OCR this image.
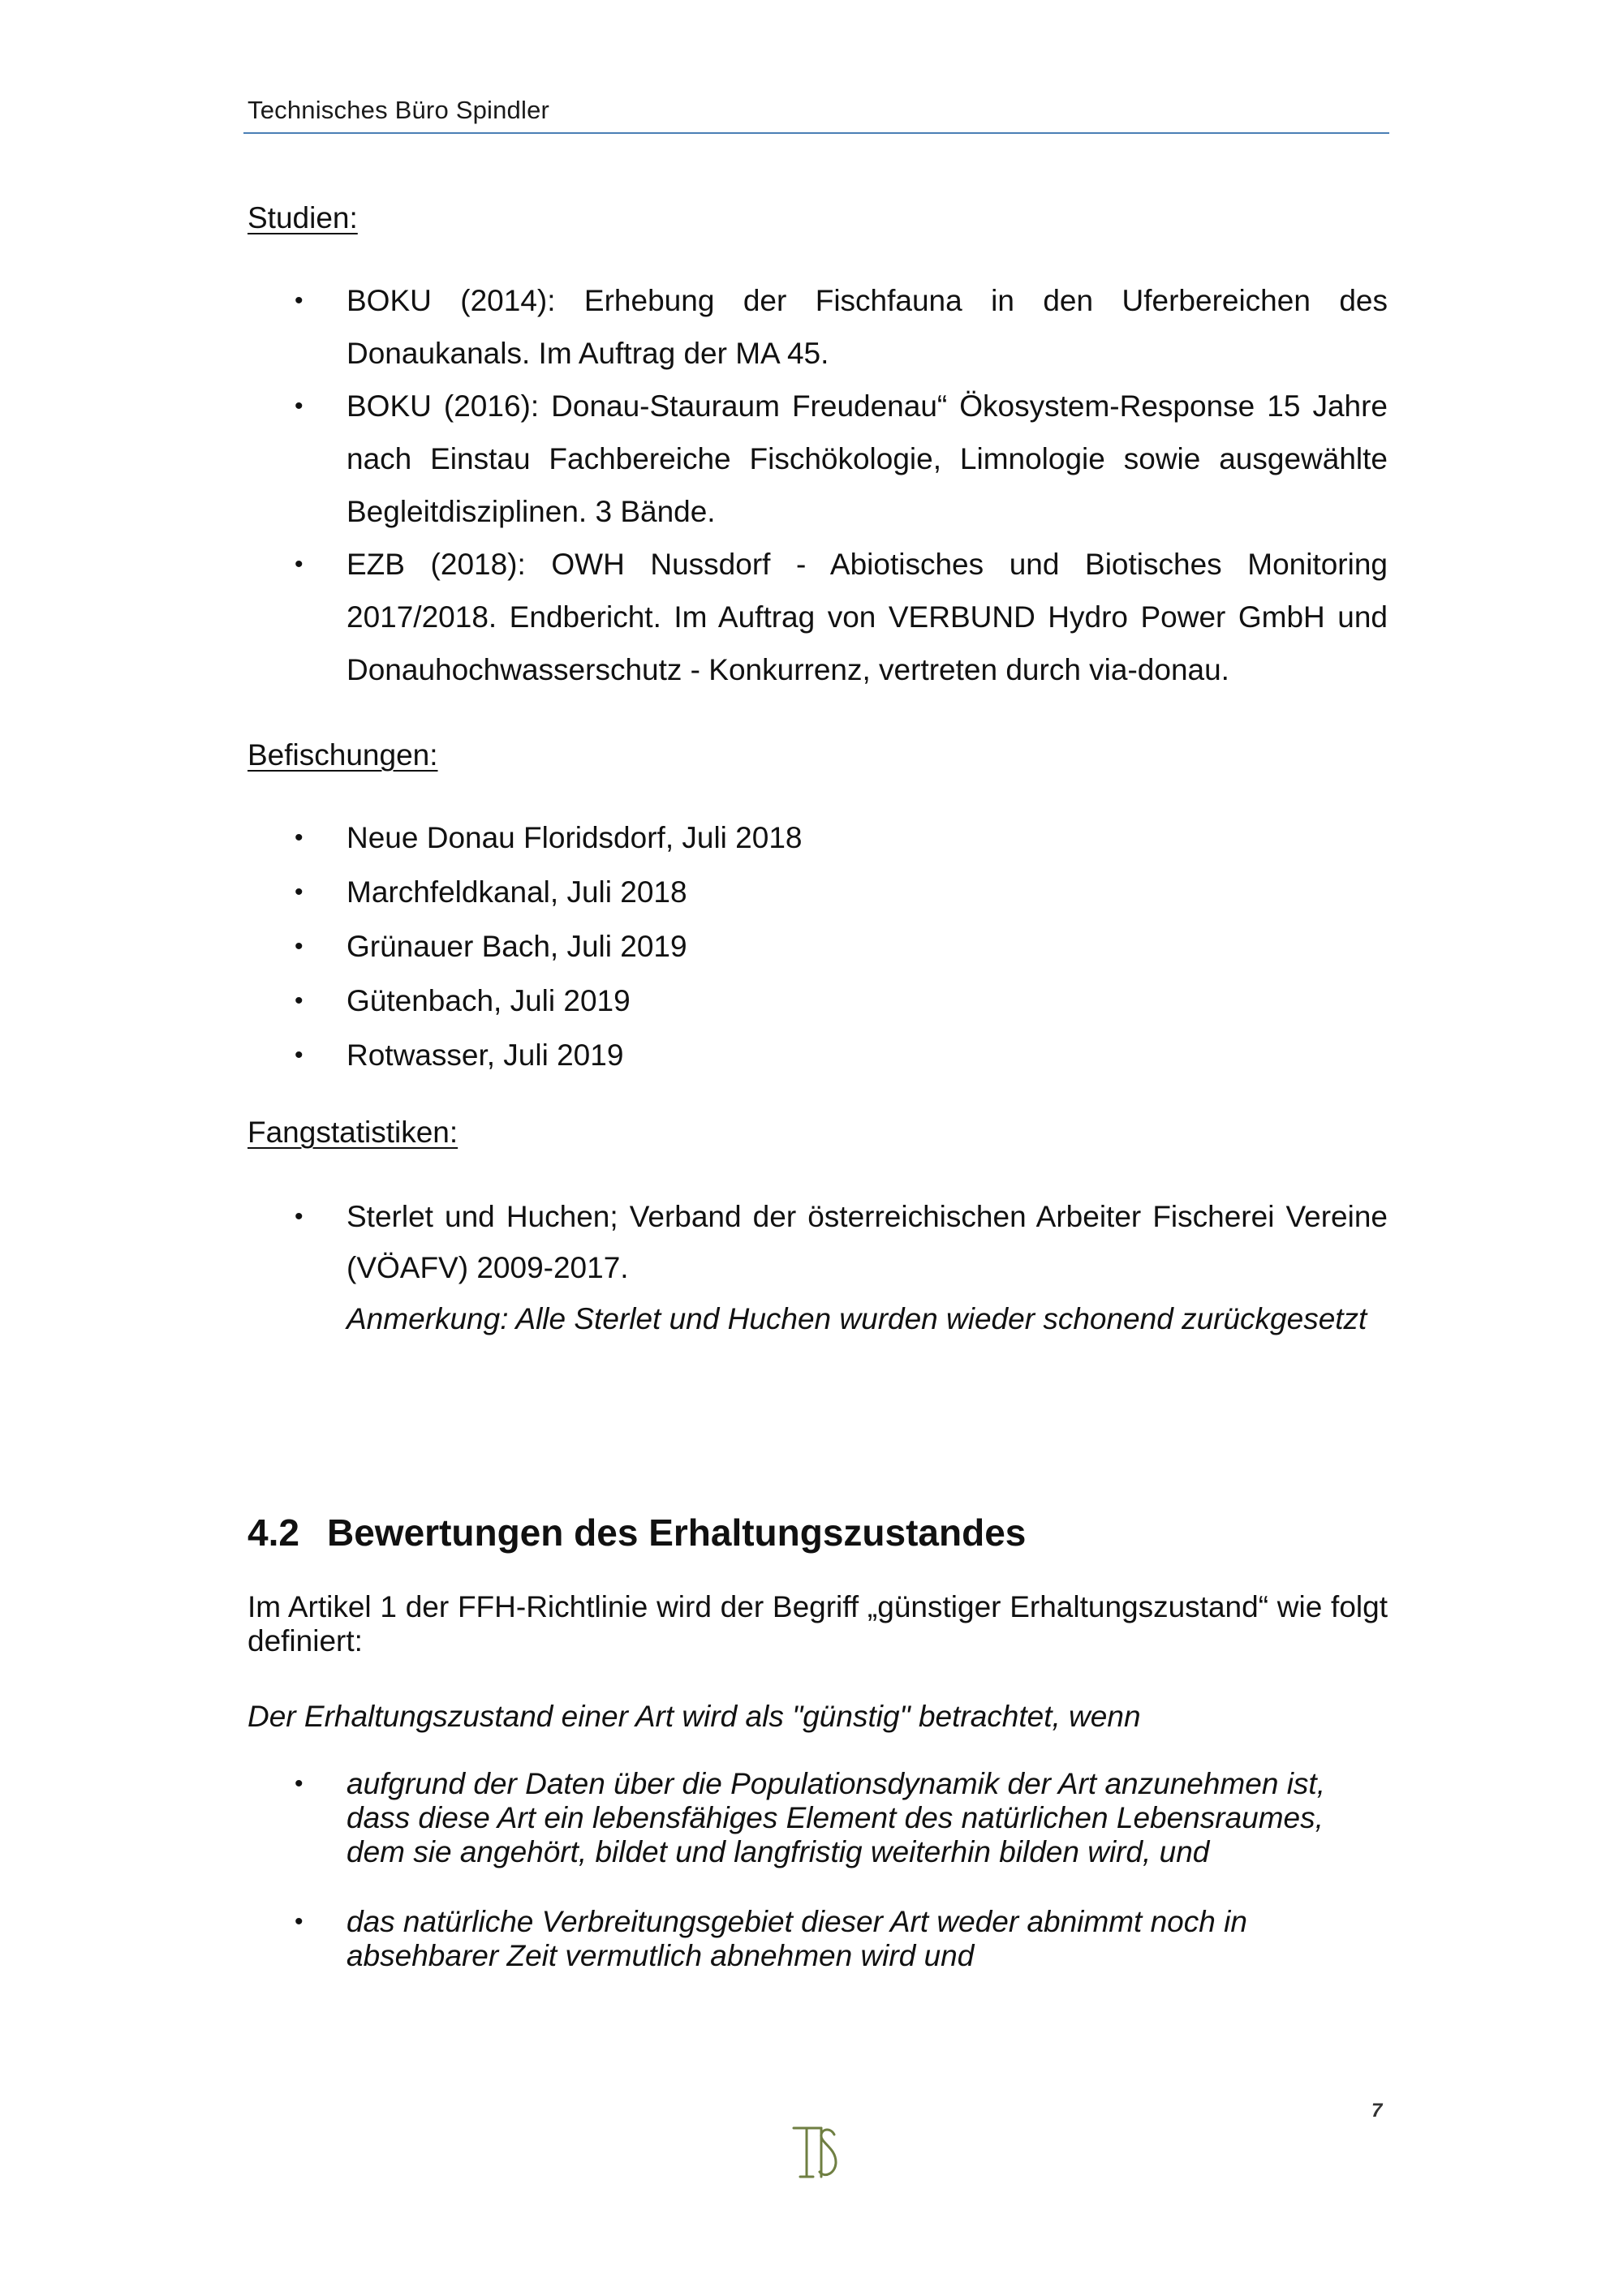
Technisches Büro Spindler
Studien:
• BOKU (2014): Erhebung der Fischfauna in den Uferbereichen des Donaukanals. Im Auftrag der MA 45.
• BOKU (2016): Donau-Stauraum Freudenau“ Ökosystem-Response 15 Jahre nach Einstau Fachbereiche Fischökologie, Limnologie sowie ausgewählte Begleitdisziplinen. 3 Bände.
• EZB (2018): OWH Nussdorf - Abiotisches und Biotisches Monitoring 2017/2018. Endbericht. Im Auftrag von VERBUND Hydro Power GmbH und Donauhochwasserschutz ‑ Konkurrenz, vertreten durch via-donau.
Befischungen:
• Neue Donau Floridsdorf, Juli 2018
• Marchfeldkanal, Juli 2018
• Grünauer Bach, Juli 2019
• Gütenbach, Juli 2019
• Rotwasser, Juli 2019
Fangstatistiken:
• Sterlet und Huchen; Verband der österreichischen Arbeiter Fischerei Vereine (VÖAFV) 2009-2017.
Anmerkung: Alle Sterlet und Huchen wurden wieder schonend zurückgesetzt
4.2 Bewertungen des Erhaltungszustandes
Im Artikel 1 der FFH-Richtlinie wird der Begriff „günstiger Erhaltungszustand“ wie folgt definiert:
Der Erhaltungszustand einer Art wird als "günstig" betrachtet, wenn
• aufgrund der Daten über die Populationsdynamik der Art anzunehmen ist, dass diese Art ein lebensfähiges Element des natürlichen Lebensraumes, dem sie angehört, bildet und langfristig weiterhin bilden wird, und
• das natürliche Verbreitungsgebiet dieser Art weder abnimmt noch in absehbarer Zeit vermutlich abnehmen wird und
7
